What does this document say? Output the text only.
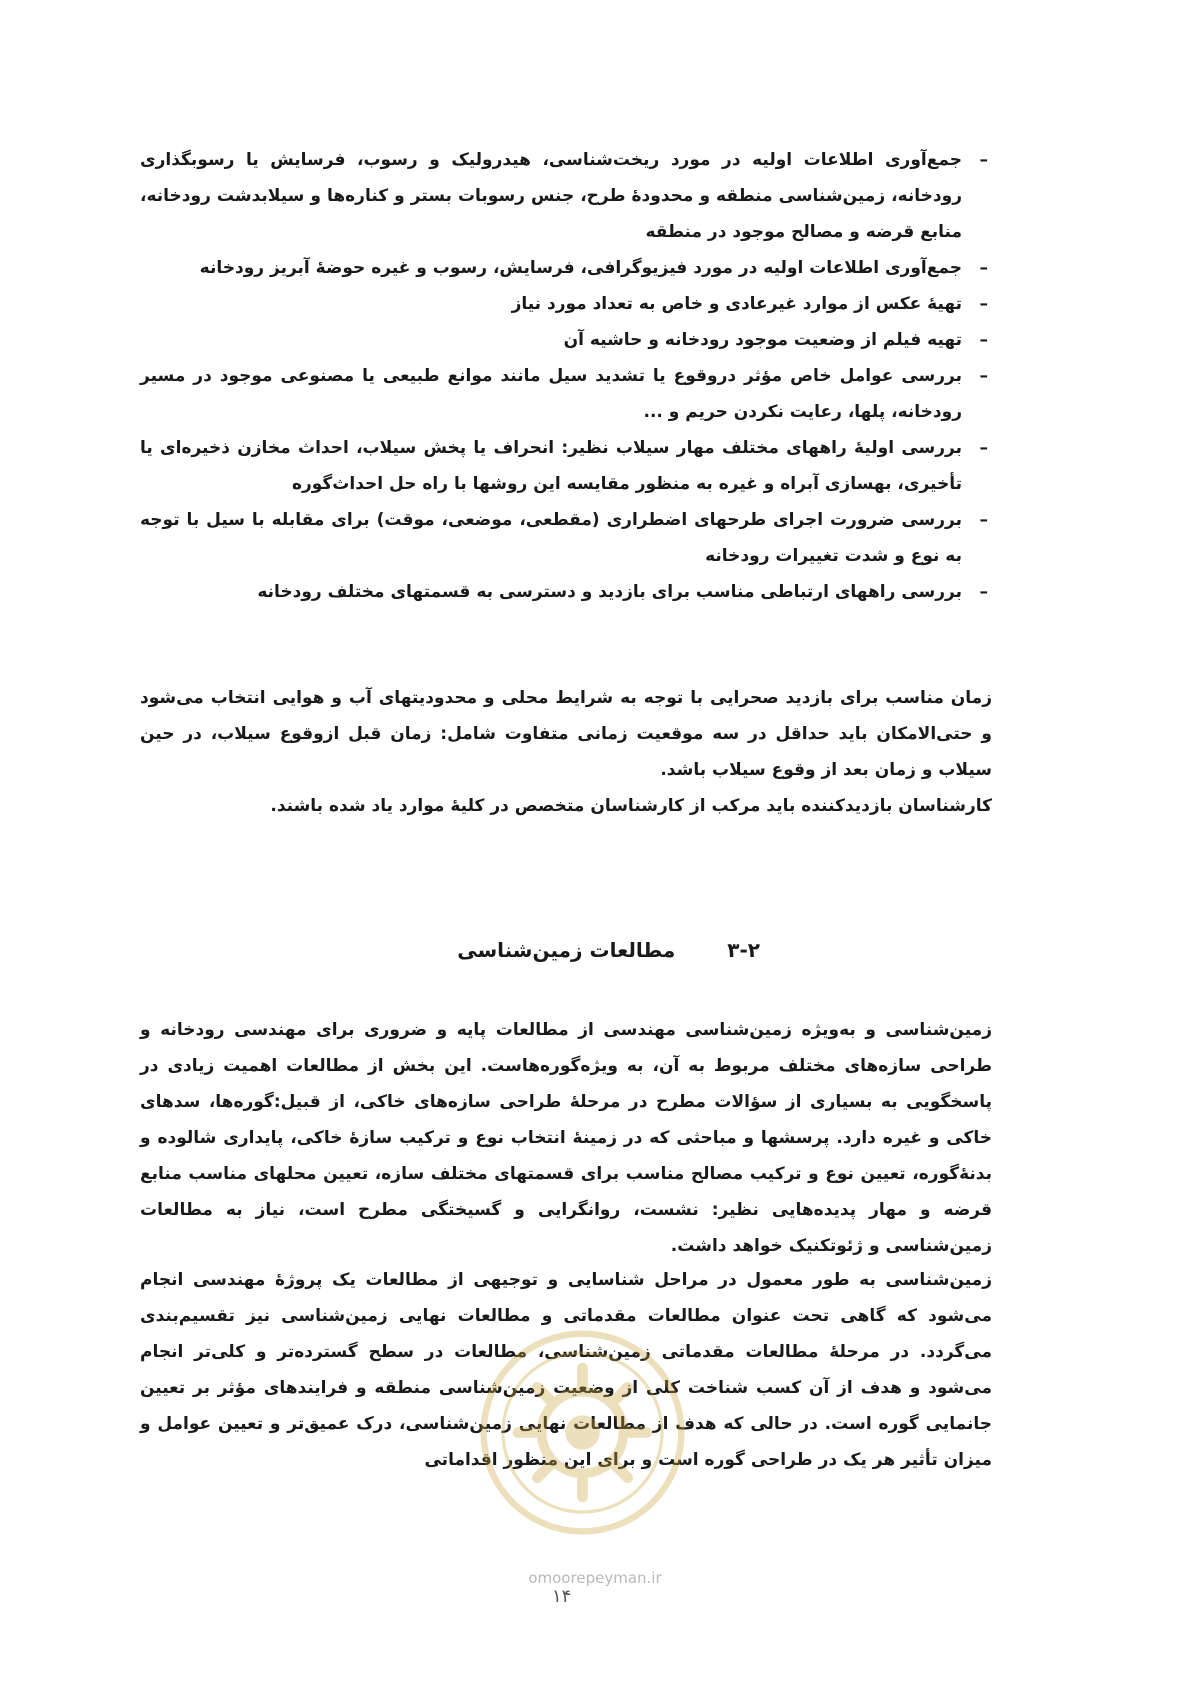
– جمع‌آوری اطلاعات اولیه در مورد ریخت‌شناسی، هیدرولیک و رسوب، فرسایش یا رسوبگذاری رودخانه، زمین‌شناسی منطقه و محدودهٔ طرح، جنس رسوبات بستر و کناره‌ها و سیلابدشت رودخانه، منابع قرضه و مصالح موجود در منطقه
– جمع‌آوری اطلاعات اولیه در مورد فیزیوگرافی، فرسایش، رسوب و غیره حوضهٔ آبریز رودخانه
– تهیهٔ عکس از موارد غیرعادی و خاص به تعداد مورد نیاز
– تهیه فیلم از وضعیت موجود رودخانه و حاشیه آن
– بررسی عوامل خاص مؤثر دروقوع یا تشدید سیل مانند موانع طبیعی یا مصنوعی موجود در مسیر رودخانه، پلها، رعایت نکردن حریم و ...
– بررسی اولیهٔ راههای مختلف مهار سیلاب نظیر: انحراف یا پخش سیلاب، احداث مخازن ذخیره‌ای یا تأخیری، بهسازی آبراه و غیره به منظور مقایسه این روشها با راه حل احداث‌گوره
– بررسی ضرورت اجرای طرحهای اضطراری (مقطعی، موضعی، موقت) برای مقابله با سیل با توجه به نوع و شدت تغییرات رودخانه
– بررسی راههای ارتباطی مناسب برای بازدید و دسترسی به قسمتهای مختلف رودخانه

زمان مناسب برای بازدید صحرایی با توجه به شرایط محلی و محدودیتهای آب و هوایی انتخاب می‌شود و حتی‌الامکان باید حداقل در سه موقعیت زمانی متفاوت شامل: زمان قبل ازوقوع سیلاب، در حین سیلاب و زمان بعد از وقوع سیلاب باشد.

کارشناسان بازدیدکننده باید مرکب از کارشناسان متخصص در کلیهٔ موارد یاد شده باشند.

۳-۲مطالعات زمین‌شناسی

زمین‌شناسی و به‌ویژه زمین‌شناسی مهندسی از مطالعات پایه و ضروری برای مهندسی رودخانه و طراحی سازه‌های مختلف مربوط به آن، به ویژه‌گوره‌هاست. این بخش از مطالعات اهمیت زیادی در پاسخگویی به بسیاری از سؤالات مطرح در مرحلهٔ طراحی سازه‌های خاکی، از قبیل:گوره‌ها، سدهای خاکی و غیره دارد. پرسشها و مباحثی که در زمینهٔ انتخاب نوع و ترکیب سازهٔ خاکی، پایداری شالوده و بدنهٔ‌گوره، تعیین نوع و ترکیب مصالح مناسب برای قسمتهای مختلف سازه، تعیین محلهای مناسب منابع قرضه و مهار پدیده‌هایی نظیر: نشست، روانگرایی و گسیختگی مطرح است، نیاز به مطالعات زمین‌شناسی و ژئوتکنیک خواهد داشت.

زمین‌شناسی به طور معمول در مراحل شناسایی و توجیهی از مطالعات یک پروژهٔ مهندسی انجام می‌شود که گاهی تحت عنوان مطالعات مقدماتی و مطالعات نهایی زمین‌شناسی نیز تقسیم‌بندی می‌گردد. در مرحلهٔ مطالعات مقدماتی زمین‌شناسی، مطالعات در سطح گسترده‌تر و کلی‌تر انجام می‌شود و هدف از آن کسب شناخت کلی از وضعیت زمین‌شناسی منطقه و فرایندهای مؤثر بر تعیین جانمایی گوره است. در حالی که هدف از مطالعات نهایی زمین‌شناسی، درک عمیق‌تر و تعیین عوامل و میزان تأثیر هر یک در طراحی گوره است و برای این منظور اقداماتی

omoorepeyman.ir
۱۴
